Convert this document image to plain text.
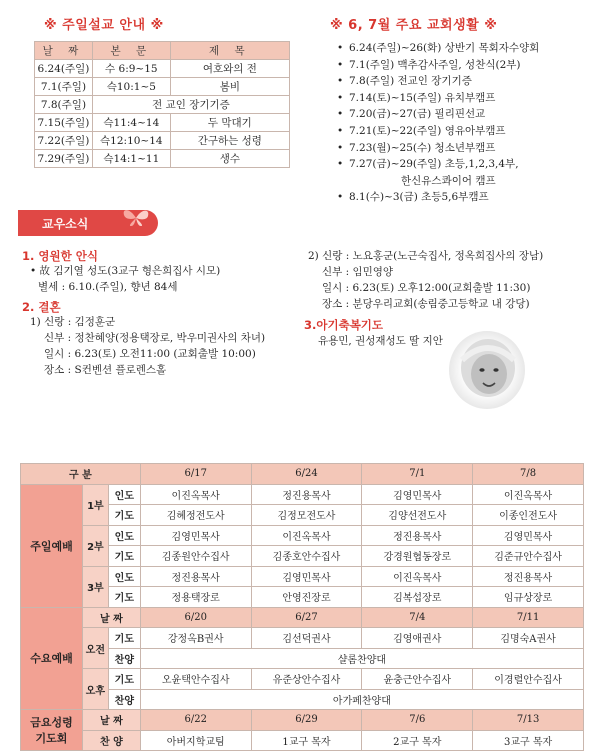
※ 주일설교 안내 ※
날 짜	본 문	제 목
6.24(주일)	수 6:9~15	여호와의 전
7.1(주일)	슥10:1~5	봄비
7.8(주일)	전 교인 장기기증	
7.15(주일)	슥11:4~14	두 막대기
7.22(주일)	슥12:10~14	간구하는 성령
7.29(주일)	슥14:1~11	생수
※ 6, 7월 주요 교회생활 ※
• 6.24(주일)~26(화) 상반기 목회자수양회
• 7.1(주일) 맥추감사주일, 성찬식(2부)
• 7.8(주일) 전교인 장기기증
• 7.14(토)~15(주일) 유치부캠프
• 7.20(금)~27(금) 필리핀선교
• 7.21(토)~22(주일) 영유아부캠프
• 7.23(월)~25(수) 청소년부캠프
• 7.27(금)~29(주일) 초등,1,2,3,4부,
한신유스콰이어 캠프
• 8.1(수)~3(금) 초등5,6부캠프
교우소식
1. 영원한 안식
• 故 김기열 성도(3교구 형은희집사 시모)
별세 : 6.10.(주일), 향년 84세
2. 결혼
1) 신랑 : 김정훈군
신부 : 정찬혜양(정용택장로, 박우미권사의 차녀)
일시 : 6.23(토) 오전11:00 (교회출발 10:00)
장소 : S컨벤션 플로렌스홀
2) 신랑 : 노요홍군(노근숙집사, 정옥희집사의 장남)
신부 : 임민영양
일시 : 6.23(토) 오후12:00(교회출발 11:30)
장소 : 분당우리교회(송림중고등학교 내 강당)
3.아기축복기도
유용민, 권성재성도 딸 지안
구 분			6/17	6/24	7/1	7/8
주일예배	1부	인도	이진옥목사	정진용목사	김영민목사	이진옥목사
		기도	김혜정전도사	김정모전도사	김양선전도사	이종인전도사
	2부	인도	김영민목사	이진옥목사	정진용목사	김영민목사
		기도	김종원안수집사	김종호안수집사	강경원협동장로	김준규안수집사
	3부	인도	정진용목사	김영민목사	이진옥목사	정진용목사
		기도	정용택장로	안영진장로	김복섭장로	임규상장로
수요예배	날 짜		6/20	6/27	7/4	7/11
	오전	기도	강정옥B권사	김선덕권사	김영애권사	김명숙A권사
		찬양	샬롬찬양대			
	오후	기도	오윤택안수집사	유준상안수집사	윤충근안수집사	이경렬안수집사
		찬양	아가페찬양대			

금요성령
기도회	날 짜		6/22	6/29	7/6	7/13
	찬 양		아버지학교팀	1교구 목자	2교구 목자	3교구 목자
